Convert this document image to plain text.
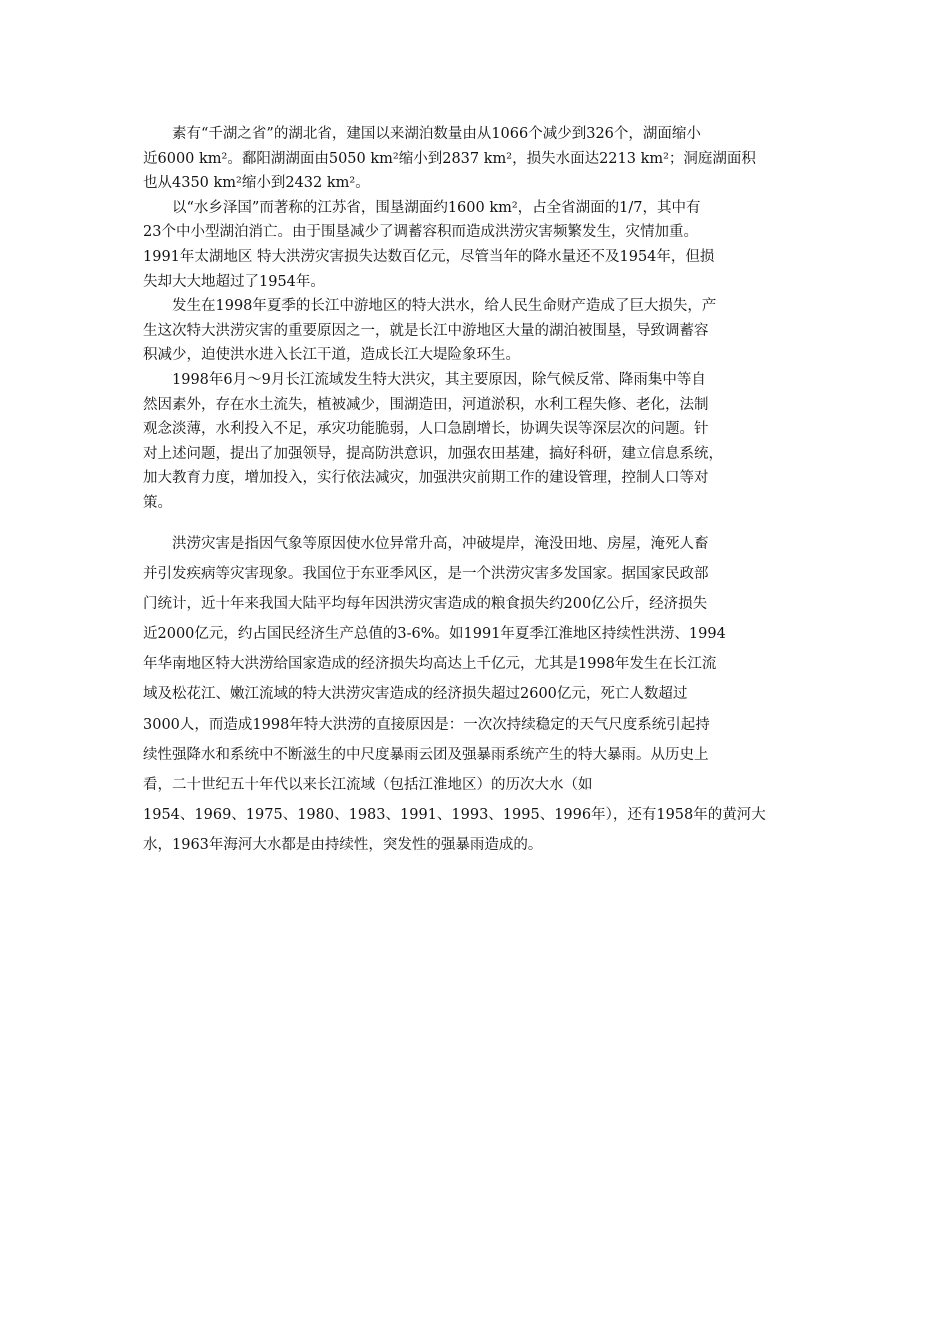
素有“千湖之省”的湖北省，建国以来湖泊数量由从1066个减少到326个，湖面缩小
近6000 km²。鄱阳湖湖面由5050 km²缩小到2837 km²，损失水面达2213 km²；洞庭湖面积
也从4350 km²缩小到2432 km²。

以“水乡泽国”而著称的江苏省，围垦湖面约1600 km²，占全省湖面的1/7，其中有
23个中小型湖泊消亡。由于围垦减少了调蓄容积而造成洪涝灾害频繁发生，灾情加重。
1991年太湖地区 特大洪涝灾害损失达数百亿元，尽管当年的降水量还不及1954年，但损
失却大大地超过了1954年。

发生在1998年夏季的长江中游地区的特大洪水，给人民生命财产造成了巨大损失，产
生这次特大洪涝灾害的重要原因之一，就是长江中游地区大量的湖泊被围垦，导致调蓄容
积减少，迫使洪水进入长江干道，造成长江大堤险象环生。

1998年6月～9月长江流域发生特大洪灾，其主要原因，除气候反常、降雨集中等自
然因素外，存在水土流失，植被减少，围湖造田，河道淤积，水利工程失修、老化，法制
观念淡薄，水利投入不足，承灾功能脆弱，人口急剧增长，协调失误等深层次的问题。针
对上述问题，提出了加强领导，提高防洪意识，加强农田基建，搞好科研，建立信息系统，
加大教育力度，增加投入，实行依法减灾，加强洪灾前期工作的建设管理，控制人口等对
策。

洪涝灾害是指因气象等原因使水位异常升高，冲破堤岸，淹没田地、房屋，淹死人畜
并引发疾病等灾害现象。我国位于东亚季风区，是一个洪涝灾害多发国家。据国家民政部
门统计，近十年来我国大陆平均每年因洪涝灾害造成的粮食损失约200亿公斤，经济损失
近2000亿元，约占国民经济生产总值的3-6%。如1991年夏季江淮地区持续性洪涝、1994
年华南地区特大洪涝给国家造成的经济损失均高达上千亿元，尤其是1998年发生在长江流
域及松花江、嫩江流域的特大洪涝灾害造成的经济损失超过2600亿元，死亡人数超过
3000人，而造成1998年特大洪涝的直接原因是：一次次持续稳定的天气尺度系统引起持
续性强降水和系统中不断滋生的中尺度暴雨云团及强暴雨系统产生的特大暴雨。从历史上
看，二十世纪五十年代以来长江流域（包括江淮地区）的历次大水（如
1954、1969、1975、1980、1983、1991、1993、1995、1996年），还有1958年的黄河大
水，1963年海河大水都是由持续性，突发性的强暴雨造成的。
